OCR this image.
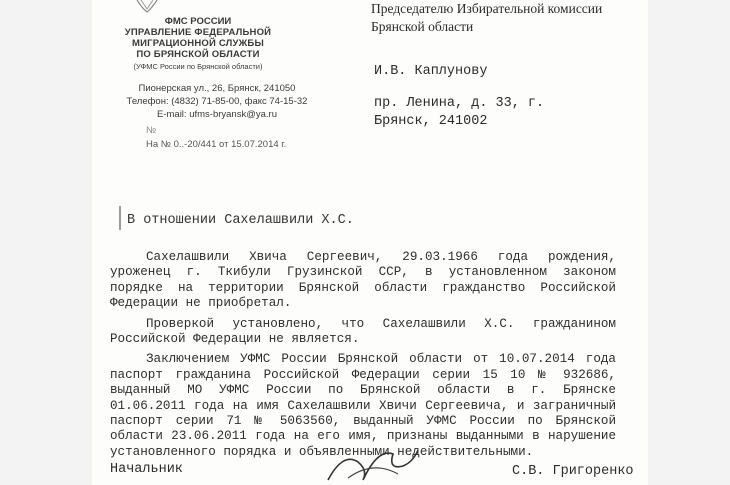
ФМС РОССИИ
УПРАВЛЕНИЕ ФЕДЕРАЛЬНОЙ
МИГРАЦИОННОЙ СЛУЖБЫ
ПО БРЯНСКОЙ ОБЛАСТИ
(УФМС России по Брянской области)
Пионерская ул., 26, Брянск, 241050
Телефон: (4832) 71-85-00, факс 74-15-32
E-mail: ufms-bryansk@ya.ru
№
На № 0..-20/441 от 15.07.2014 г.
Председателю Избирательной комиссии Брянской области
И.В. Каплунову
пр. Ленина, д. 33, г. Брянск, 241002
В отношении Сахелашвили Х.С.

Сахелашвили Хвича Сергеевич, 29.03.1966 года рождения, уроженец г. Ткибули Грузинской ССР, в установленном законом порядке на территории Брянской области гражданство Российской Федерации не приобретал.

Проверкой установлено, что Сахелашвили Х.С. гражданином Российской Федерации не является.

Заключением УФМС России Брянской области от 10.07.2014 года паспорт гражданина Российской Федерации серии 15 10 № 932686, выданный МО УФМС России по Брянской области в г. Брянске 01.06.2011 года на имя Сахелашвили Хвичи Сергеевича, и заграничный паспорт серии 71 № 5063560, выданный УФМС России по Брянской области 23.06.2011 года на его имя, признаны выданными в нарушение установленного порядка и объявленными недействительными.

Начальник	С.В. Григоренко
